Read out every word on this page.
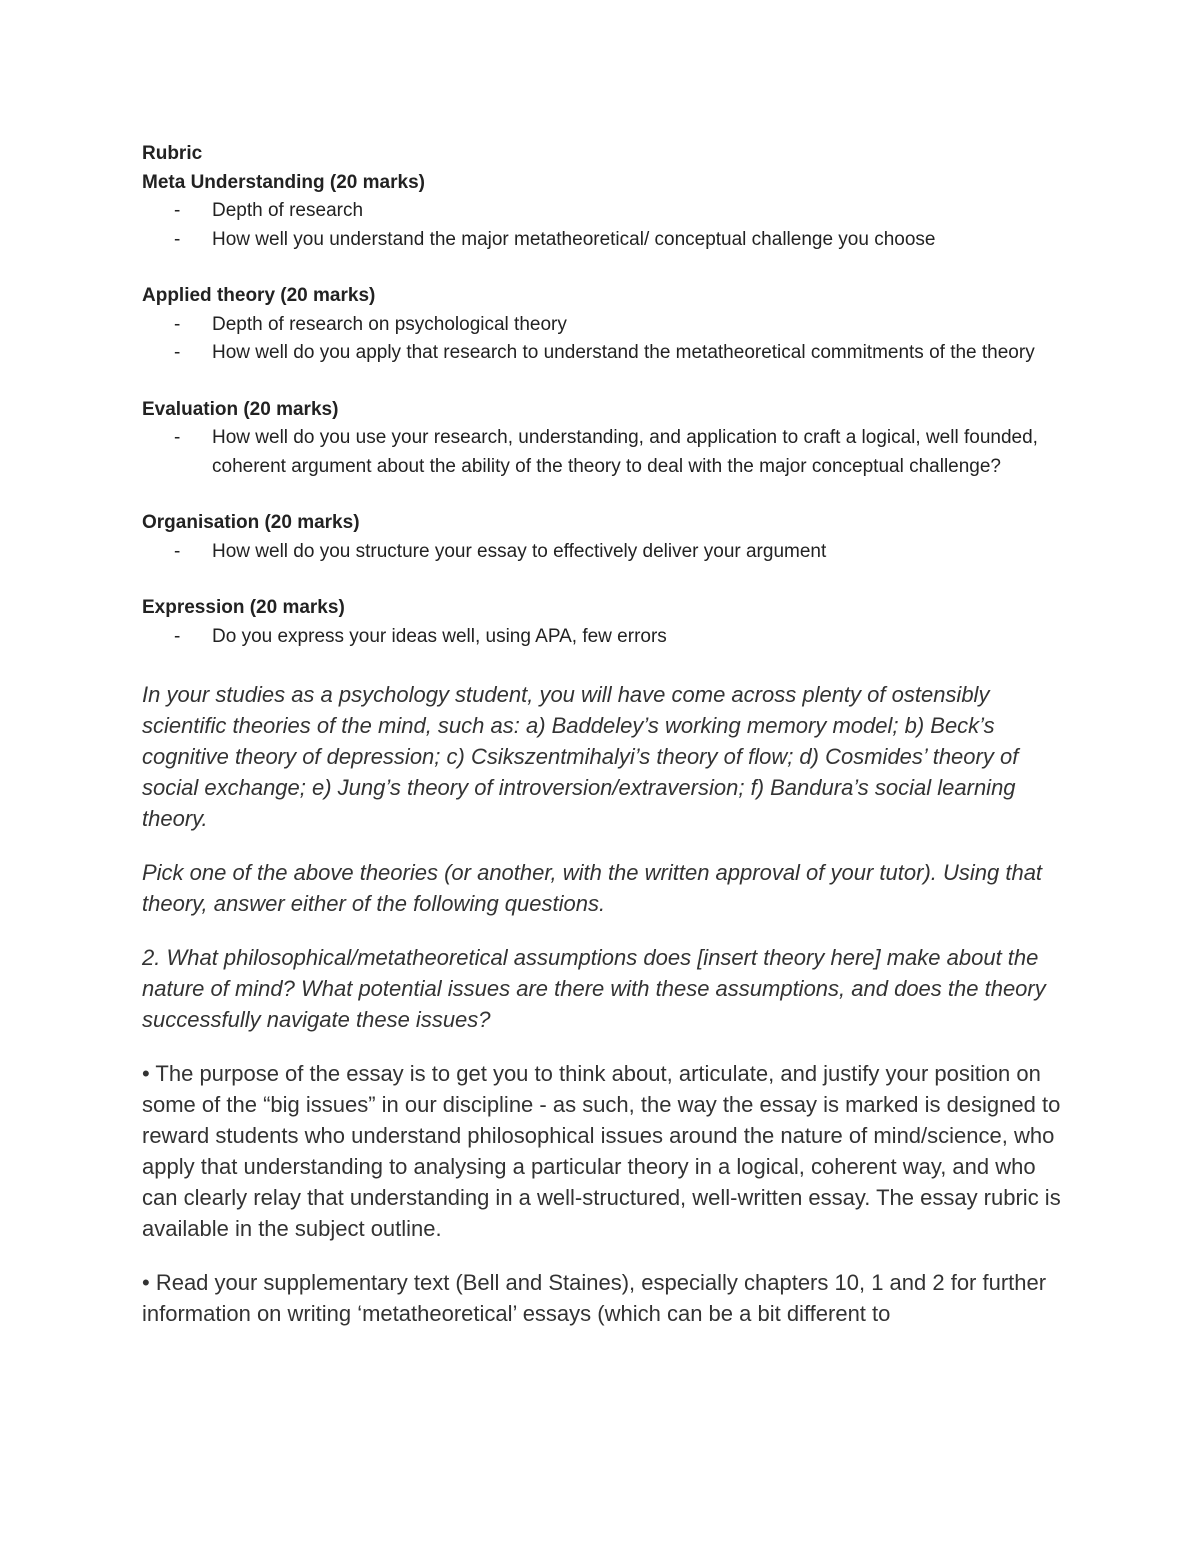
Rubric

Meta Understanding (20 marks)

- Depth of research
- How well you understand the major metatheoretical/ conceptual challenge you choose

Applied theory (20 marks)

- Depth of research on psychological theory
- How well do you apply that research to understand the metatheoretical commitments of the theory

Evaluation (20 marks)

- How well do you use your research, understanding, and application to craft a logical, well founded, coherent argument about the ability of the theory to deal with the major conceptual challenge?

Organisation (20 marks)

- How well do you structure your essay to effectively deliver your argument

Expression (20 marks)

- Do you express your ideas well, using APA, few errors

In your studies as a psychology student, you will have come across plenty of ostensibly scientific theories of the mind, such as: a) Baddeley’s working memory model; b) Beck’s cognitive theory of depression; c) Csikszentmihalyi’s theory of flow; d) Cosmides’ theory of social exchange; e) Jung’s theory of introversion/extraversion; f) Bandura’s social learning theory.

Pick one of the above theories (or another, with the written approval of your tutor). Using that theory, answer either of the following questions.

2. What philosophical/metatheoretical assumptions does [insert theory here] make about the nature of mind? What potential issues are there with these assumptions, and does the theory successfully navigate these issues?

• The purpose of the essay is to get you to think about, articulate, and justify your position on some of the “big issues” in our discipline - as such, the way the essay is marked is designed to reward students who understand philosophical issues around the nature of mind/science, who apply that understanding to analysing a particular theory in a logical, coherent way, and who can clearly relay that understanding in a well-structured, well-written essay. The essay rubric is available in the subject outline.

• Read your supplementary text (Bell and Staines), especially chapters 10, 1 and 2 for further information on writing ‘metatheoretical’ essays (which can be a bit different to
